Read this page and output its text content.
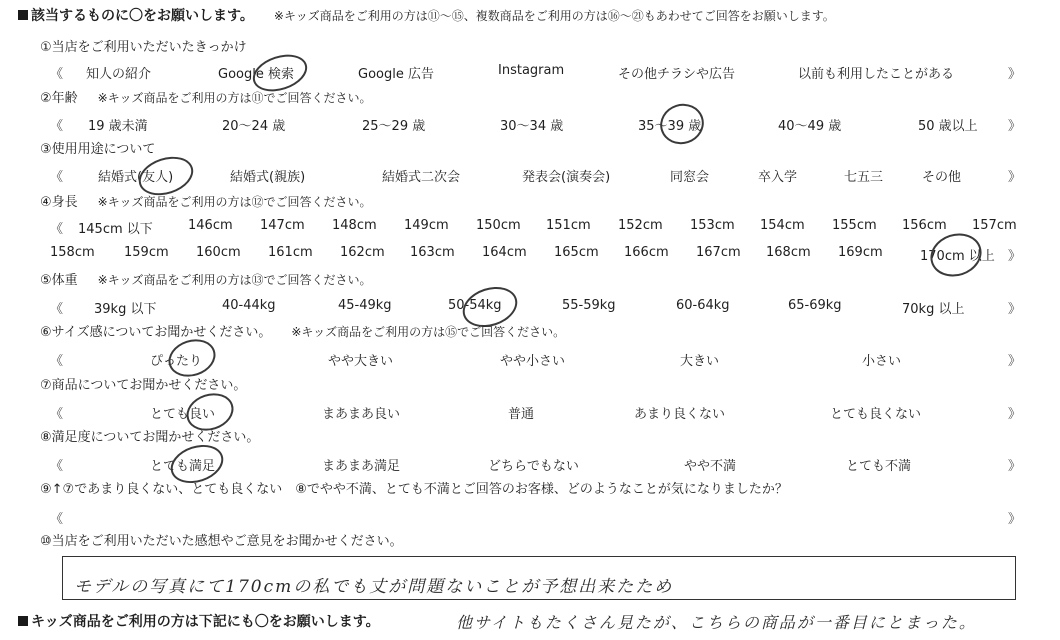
該当するものに〇をお願いします。 ※キッズ商品をご利用の方は⑪〜⑮、複数商品をご利用の方は⑯〜㉑もあわせてご回答をお願いします。
①当店をご利用いただいたきっかけ
《 知人の紹介	Google 検索	Google 広告	Instagram	その他チラシや広告	以前も利用したことがある	》
②年齢 ※キッズ商品をご利用の方は⑪でご回答ください。
《 19 歳未満	20〜24 歳	25〜29 歳	30〜34 歳	35〜39 歳	40〜49 歳	50 歳以上 》
③使用用途について
《	結婚式(友人)	結婚式(親族)	結婚式二次会	発表会(演奏会)	同窓会	卒入学	七五三	その他	》
④身長 ※キッズ商品をご利用の方は⑫でご回答ください。
《 145cm 以下	146cm 147cm 148cm 149cm 150cm 151cm 152cm 153cm 154cm 155cm 156cm 157cm
158cm 159cm 160cm 161cm 162cm 163cm 164cm 165cm 166cm 167cm 168cm 169cm	170cm 以上 》
⑤体重 ※キッズ商品をご利用の方は⑬でご回答ください。
《 39kg 以下	40-44kg	45-49kg	50-54kg	55-59kg	60-64kg	65-69kg	70kg 以上	》
⑥サイズ感についてお聞かせください。 ※キッズ商品をご利用の方は⑮でご回答ください。
《	ぴったり	やや大きい	やや小さい	大きい	小さい	》
⑦商品についてお聞かせください。
《	とても良い	まあまあ良い	普通	あまり良くない	とても良くない	》
⑧満足度についてお聞かせください。
《	とても満足	まあまあ満足	どちらでもない	やや不満	とても不満	》
⑨↑⑦であまり良くない、とても良くない　⑧でやや不満、とても不満とご回答のお客様、どのようなことが気になりましたか？
《	》
⑩当店をご利用いただいた感想やご意見をお聞かせください。
モデルの写真にて170cmの私でも丈が問題ないことが予想出来たため
キッズ商品をご利用の方は下記にも〇をお願いします。	他サイトもたくさん見たが、こちらの商品が一番目にとまった。
